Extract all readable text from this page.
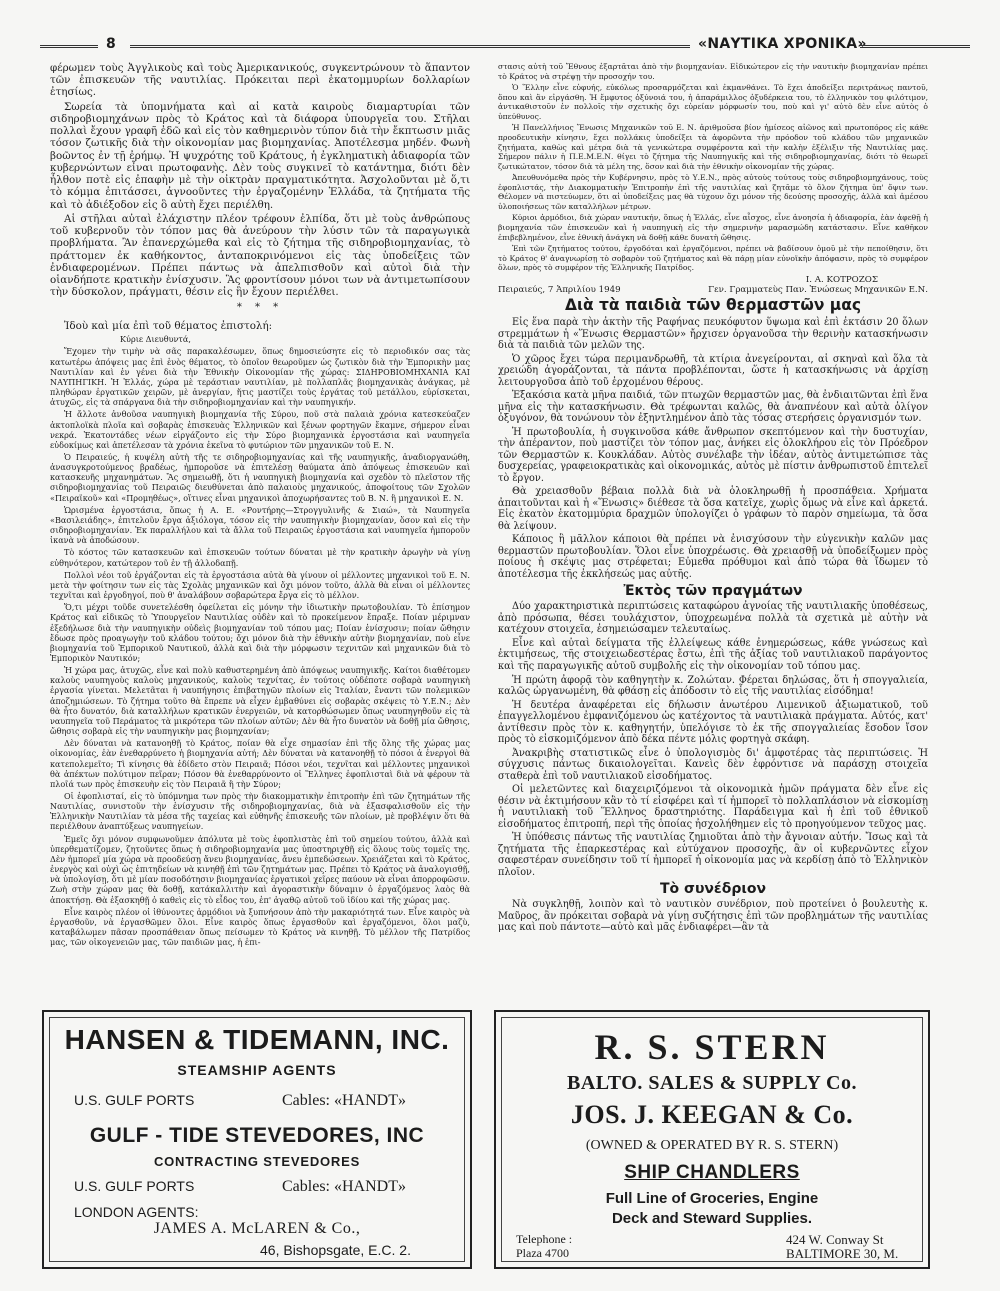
8	«ΝΑΥΤΙΚΑ ΧΡΟΝΙΚΑ»

φέρωμεν τοὺς Ἀγγλικοὺς καὶ τοὺς Ἀμερικανικούς, συγκεντρώνουν τὸ ἅπαντον τῶν ἐπισκευῶν τῆς ναυτιλίας. Πρόκειται περὶ ἑκατομμυρίων δολλαρίων ἐτησίως.

Σωρεία τὰ ὑπομνήματα καὶ αἱ κατὰ καιροὺς διαμαρτυρίαι τῶν σιδηροβιομηχάνων πρὸς τὸ Κράτος καὶ τὰ διάφορα ὑπουργεῖα του. Στῆλαι πολλαὶ ἔχουν γραφῆ ἐδῶ καὶ εἰς τὸν καθημερινὸν τύπον διὰ τὴν ἔκπτωσιν μιᾶς τόσον ζωτικῆς διὰ τὴν οἰκονομίαν μας βιομηχανίας. Ἀποτέλεσμα μηδέν. Φωνὴ βοῶντος ἐν τῇ ἐρήμῳ. Ἡ ψυχρότης τοῦ Κράτους, ἡ ἐγκληματικὴ ἀδιαφορία τῶν κυβερνώντων εἶναι πρωτοφανὴς. Δὲν τοὺς συγκινεῖ τὸ κατάντημα, διότι δὲν ἦλθον ποτὲ εἰς ἐπαφὴν μὲ τὴν οἰκτρὰν πραγματικότητα. Ἀσχολοῦνται μὲ ὅ,τι τὸ κόμμα ἐπιτάσσει, ἀγνοοῦντες τὴν ἐργαζομένην Ἑλλάδα, τὰ ζητήματα τῆς καὶ τὸ ἀδιέξοδον εἰς ὃ αὐτὴ ἔχει περιέλθη.

Αἱ στῆλαι αὐταὶ ἐλάχιστην πλέον τρέφουν ἐλπίδα, ὅτι μὲ τοὺς ἀνθρώπους τοῦ κυβερνοῦν τὸν τόπον μας θὰ ἀνεύρουν τὴν λύσιν τῶν τὰ παραγωγικὰ προβλήματα. Ἂν ἐπανερχώμεθα καὶ εἰς τὸ ζήτημα τῆς σιδηροβιομηχανίας, τὸ πράττομεν ἐκ καθήκοντος, ἀνταποκρινόμενοι εἰς τὰς ὑποδείξεις τῶν ἐνδιαφερομένων. Πρέπει πάντως νὰ ἀπελπισθοῦν καὶ αὐτοὶ διὰ τὴν οἱανδήποτε κρατικὴν ἐνίσχυσιν. Ἂς φροντίσουν μόνοι των νὰ ἀντιμετωπίσουν τὴν δύσκολον, πράγματι, θέσιν εἰς ἣν ἔχουν περιέλθει.

* * *

Ἰδοὺ καὶ μία ἐπὶ τοῦ θέματος ἐπιστολή:

Κύριε Διευθυντά,

Ἔχομεν τὴν τιμὴν νὰ σᾶς παρακαλέσωμεν, ὅπως δημοσιεύσητε εἰς τὸ περιοδικόν σας τὰς κατωτέρω ἀπόψεις μας ἐπὶ ἑνὸς θέματος, τὸ ὁποῖον θεωροῦμεν ὡς ζωτικὸν διὰ τὴν Ἐμπορικὴν μας Ναυτιλίαν καὶ ἐν γένει διὰ τὴν Ἐθνικὴν Οἰκονομίαν τῆς χώρας: ΣΙΔΗΡΟΒΙΟΜΗΧΑΝΙΑ ΚΑΙ ΝΑΥΠΗΓΙΚΗ. Ἡ Ἑλλάς, χώρα μὲ τεράστιαν ναυτιλίαν, μὲ πολλαπλᾶς βιομηχανικὰς ἀνάγκας, μὲ πληθώραν ἐργατικῶν χειρῶν, μὲ ἀνεργίαν, ἥτις μαστίζει τοὺς ἐργάτας τοῦ μετάλλου, εὑρίσκεται, ἀτυχῶς, εἰς τὰ σπάργανα διὰ τὴν σιδηροβιομηχανίαν καὶ τὴν ναυπηγικήν.

Ἡ ἄλλοτε ἀνθοῦσα ναυπηγικὴ βιομηχανία τῆς Σύρου, ποῦ στὰ παλαιὰ χρόνια κατεσκεύαζεν ἀκτοπλοϊκὰ πλοῖα καὶ σοβαρὰς ἐπισκευὰς Ἑλληνικῶν καὶ ξένων φορτηγῶν ἔκαμνε, σήμερον εἶναι νεκρά. Ἑκατοντάδες νέων εἰργάζοντο εἰς τὴν Σύρο βιομηχανικὰ ἐργοστάσια καὶ ναυπηγεῖα εὐδοκίμως καὶ ἀπετέλεσαν τὰ χρόνια ἐκεῖνα τὸ φυτώριον τῶν μηχανικῶν τοῦ Ε. Ν.

Ὁ Πειραιεύς, ἡ κυψέλη αὐτὴ τῆς τε σιδηροβιομηχανίας καὶ τῆς ναυπηγικῆς, ἀναδιοργανώθη, ἀνασυγκροτούμενος βραδέως, ἠμποροῦσε νὰ ἐπιτελέσῃ θαύματα ἀπὸ ἀπόψεως ἐπισκευῶν καὶ κατασκευῆς μηχανημάτων. Ἂς σημειωθῇ, ὅτι ἡ ναυπηγικὴ βιομηχανία καὶ σχεδὸν τὸ πλεῖστον τῆς σιδηροβιομηχανίας τοῦ Πειραιῶς διευθύνεται ἀπὸ παλαιοὺς μηχανικούς, ἀποφοίτους τῶν Σχολῶν «Πειραϊκοῦ» καὶ «Προμηθέως», οἵτινες εἶναι μηχανικοὶ ἀποχωρήσαντες τοῦ Β. Ν. ἢ μηχανικοὶ Ε. Ν.

Ὡρισμένα ἐργοστάσια, ὅπως ἡ Α. Ε. «Ροντήρης—Στρογγυλινῆς & Σιαώ», τὰ Ναυπηγεῖα «Βασιλειάδης», ἐπιτελοῦν ἔργα ἀξιόλογα, τόσον εἰς τὴν ναυπηγικὴν βιομηχανίαν, ὅσον καὶ εἰς τὴν σιδηροβιομηχανίαν. Ἐκ παραλλήλου καὶ τὰ ἄλλα τοῦ Πειραιῶς ἐργοστάσια καὶ ναυπηγεῖα ἠμποροῦν ἱκανὰ νὰ ἀποδώσουν.

Τὸ κόστος τῶν κατασκευῶν καὶ ἐπισκευῶν τούτων δύναται μὲ τὴν κρατικὴν ἀρωγὴν νὰ γίνῃ εὐθηνότερον, κατώτερον τοῦ ἐν τῇ ἀλλοδαπῇ.

Πολλοὶ νέοι τοῦ ἐργάζονται εἰς τὰ ἐργοστάσια αὐτὰ θὰ γίνουν οἱ μέλλοντες μηχανικοὶ τοῦ Ε. Ν. μετὰ τὴν φοίτησιν των εἰς τὰς Σχολὰς μηχανικῶν καὶ ὄχι μόνον τοῦτο, ἀλλὰ θὰ εἶναι οἱ μέλλοντες τεχνῖται καὶ ἐργοδηγοί, ποὺ θ' ἀναλάβουν σοβαρώτερα ἔργα εἰς τὸ μέλλον.

Ὅ,τι μέχρι τοῦδε συνετελέσθη ὀφείλεται εἰς μόνην τὴν ἰδιωτικὴν πρωτοβουλίαν. Τὸ ἐπίσημον Κράτος καὶ εἰδικῶς τὸ Ὑπουργεῖον Ναυτιλίας οὐδὲν καὶ τὸ προκείμενον ἔπραξε. Ποίαν μέριμναν ἐξεδήλωσε διὰ τὴν ναυπηγικὴν οὐδεὶς βιομηχανίαν τοῦ τόπου μας; Ποίαν ἐνίσχυσιν; ποίαν ὤθησιν ἔδωσε πρὸς προαγωγὴν τοῦ κλάδου τούτου; ὄχι μόνον διὰ τὴν ἐθνικὴν αὐτὴν βιομηχανίαν, ποὺ εἶνε βιομηχανία τοῦ Ἐμπορικοῦ Ναυτικοῦ, ἀλλὰ καὶ διὰ τὴν μόρφωσιν τεχνιτῶν καὶ μηχανικῶν διὰ τὸ Ἐμπορικὸν Ναυτικόν;

Ἡ χώρα μας, ἀτυχῶς, εἶνε καὶ πολὺ καθυστερημένη ἀπὸ ἀπόψεως ναυπηγικῆς. Καίτοι διαθέτομεν καλοὺς ναυπηγοὺς καλοὺς μηχανικούς, καλοὺς τεχνίτας, ἐν τούτοις οὐδέποτε σοβαρὰ ναυπηγικὴ ἐργασία γίνεται. Μελετᾶται ἡ ναυπήγησις ἐπιβατηγῶν πλοίων εἰς Ἰταλίαν, ἔναντι τῶν πολεμικῶν ἀποζημιώσεων. Τὸ ζήτημα τοῦτο θὰ ἔπρεπε νὰ εἶχεν ἐμβαθύνει εἰς σοβαρὰς σκέψεις τὸ Υ.Ε.Ν.; Δὲν θὰ ἦτο δυνατόν, διὰ καταλλήλων κρατικῶν ἐνεργειῶν, νὰ κατορθώσωμεν ὅπως ναυπηγηθοῦν εἰς τὰ ναυπηγεῖα τοῦ Περάματος τὰ μικρότερα τῶν πλοίων αὐτῶν; Δὲν θὰ ἦτο δυνατὸν νὰ δοθῇ μία ὤθησις, ὤθησις σοβαρὰ εἰς τὴν ναυπηγικὴν μας βιομηχανίαν;

Δὲν δύναται νὰ κατανοηθῇ τὸ Κράτος, ποίαν θὰ εἶχε σημασίαν ἐπὶ τῆς ὅλης τῆς χώρας μας οἰκονομίας, ἐὰν ἐνεθαρρύνετο ἡ βιομηχανία αὐτή; Δὲν δύναται νὰ κατανοηθῇ τὸ πόσοι ἀ ἐνεργοὶ θὰ κατεπολεμεῖτο; Τὶ κίνησις θὰ ἐδίδετο στὸν Πειραιᾶ; Πόσοι νέοι, τεχνῖται καὶ μέλλοντες μηχανικοὶ θὰ ἀπέκτων πολύτιμον πεῖραν; Πόσον θὰ ἐνεθαρρύνοντο οἱ Ἕλληνες ἐφοπλισταὶ διὰ νὰ φέρουν τὰ πλοῖά των πρὸς ἐπισκευὴν εἰς τὸν Πειραιᾶ ἢ τὴν Σύρον;

Οἱ ἐφοπλισταί, εἰς τὸ ὑπόμνημα των πρὸς τὴν διακομματικὴν ἐπιτροπὴν ἐπὶ τῶν ζητημάτων τῆς Ναυτιλίας, συνιστοῦν τὴν ἐνίσχυσιν τῆς σιδηροβιομηχανίας, διὰ νὰ ἐξασφαλισθοῦν εἰς τὴν Ἑλληνικὴν Ναυτιλίαν τὰ μέσα τῆς ταχείας καὶ εὐθηνῆς ἐπισκευῆς τῶν πλοίων, μὲ προβλέψιν ὅτι θὰ περιέλθουν ἀναπτύξεως ναυπηγείων.

Ἐμεῖς ὄχι μόνον συμφωνοῦμεν ἀπόλυτα μὲ τοὺς ἐφοπλιστὰς ἐπὶ τοῦ σημείου τούτου, ἀλλὰ καὶ ὑπερθεματίζομεν, ζητοῦντες ὅπως ἡ σιδηροβιομηχανία μας ὑποστηριχθῇ εἰς ὅλους τοὺς τομεῖς της. Δὲν ἠμπορεῖ μία χώρα νὰ προοδεύσῃ ἄνευ βιομηχανίας, ἄνευ ἐμπεδώσεων. Χρειάζεται καὶ τὸ Κράτος, ἐνεργὸς καὶ οὐχὶ ὡς ἐπιτηδείων νὰ κινηθῇ ἐπὶ τῶν ζητημάτων μας. Πρέπει τὸ Κράτος νὰ ἀναλογισθῇ, νὰ ὑπολογίσῃ, ὅτι μὲ μίαν ποσοδότησιν βιομηχανίας ἐργατικοὶ χεῖρες παύουν νὰ εἶναι ἀπορροφῶσιν. Ζωὴ στὴν χώραν μας θὰ δοθῇ, κατάκαλλιτὴν καὶ ἀγοραστικὴν δύναμιν ὁ ἐργαζόμενος λαὸς θὰ ἀποκτήσῃ. Θὰ ἐξασκηθῇ ὁ καθεὶς εἰς τὸ εἶδος του, ἐπ' ἀγαθῷ αὐτοῦ τοῦ ἰδίου καὶ τῆς χώρας μας.

Εἶνε καιρὸς πλέον οἱ ἰθύνοντες ἁρμόδιοι νὰ ξυπνήσουν ἀπὸ τὴν μακαριότητά των. Εἶνε καιρὸς νὰ ἐργασθοῦν, νὰ ἐργασθῶμεν ὅλοι. Εἶνε καιρὸς ὅπως ἐργασθοῦν καὶ ἐργαζόμενοι, ὅλοι μαζὺ, καταβάλωμεν πᾶσαν προσπάθειαν ὅπως πείσωμεν τὸ Κράτος νὰ κινηθῇ. Τὸ μέλλον τῆς Πατρίδος μας, τῶν οἰκογενειῶν μας, τῶν παιδιῶν μας, ἡ ἐπι-

στασις αὐτὴ τοῦ Ἔθνους ἐξαρτᾶται ἀπὸ τὴν βιομηχανίαν. Εἰδικώτερον εἰς τὴν ναυτικὴν βιομηχανίαν πρέπει τὸ Κράτος νὰ στρέψῃ τὴν προσοχήν του.

Ὁ Ἕλλην εἶνε εὐφυής, εὐκόλως προσαρμόζεται καὶ ἐκμανθάνει. Τὸ ἔχει ἀποδείξει περιτράνως παντοῦ, ὅπου καὶ ἂν εἰργάσθη. Ἡ ἔμφυτος ὀξύνοιά του, ἡ ἀπαράμιλλος ὀξυδέρκεια του, τὸ ἑλληνικὸν του φιλότιμον, ἀντικαθιστοῦν ἐν πολλοῖς τὴν σχετικὴς ὄχι εὐρείαν μόρφωσίν του, ποὺ καὶ γι' αὐτὸ δὲν εἶνε αὐτὸς ὁ ὑπεύθυνος.

Ἡ Πανελλήνιος Ἕνωσις Μηχανικῶν τοῦ Ε. Ν. ἀριθμοῦσα βίον ἡμίσεος αἰῶνος καὶ πρωτοπόρος εἰς κάθε προοδευτικὴν κίνησιν, ἔχει πολλάκις ὑποδείξει τὰ ἀφορῶντα τὴν πρόοδον τοῦ κλάδου τῶν μηχανικῶν ζητήματα, καθὼς καὶ μέτρα διὰ τὰ γενικώτερα συμφέροντα καὶ τὴν καλὴν ἐξέλιξιν τῆς Ναυτιλίας μας. Σήμερον πάλιν ἡ Π.Ε.Μ.Ε.Ν. θίγει τὸ ζήτημα τῆς Ναυπηγικῆς καὶ τῆς σιδηροβιομηχανίας, διότι τὸ θεωρεῖ ζωτικώτατον, τόσον διὰ τὰ μέλη της, ὅσον καὶ διὰ τὴν ἐθνικὴν οἰκονομίαν τῆς χώρας.

Ἀπευθυνόμεθα πρὸς τὴν Κυβέρνησιν, πρὸς τὸ Υ.Ε.Ν., πρὸς αὐτοὺς τούτους τοὺς σιδηροβιομηχάνους, τοὺς ἐφοπλιστάς, τὴν Διακομματικὴν Ἐπιτροπὴν ἐπὶ τῆς ναυτιλίας καὶ ζητᾶμε τὸ ὅλον ζήτημα ὑπ' ὄψιν των. Θέλομεν νὰ πιστεύωμεν, ὅτι αἱ ὑποδείξεις μας θὰ τύχουν ὄχι μόνον τῆς δεούσης προσοχῆς, ἀλλὰ καὶ ἀμέσου ὑλοποιήσεως τῶν καταλλήλων μέτρων.

Κύριοι ἁρμόδιοι, διὰ χώραν ναυτικήν, ὅπως ἡ Ἑλλάς, εἶνε αἶσχος, εἶνε ἀνοησία ἡ ἀδιαφορία, ἐὰν ἀφεθῇ ἡ βιομηχανία τῶν ἐπισκευῶν καὶ ἡ ναυπηγικὴ εἰς τὴν σημερινὴν μαρασμώδη κατάστασιν. Εἶνε καθῆκον ἐπιβεβλημένον, εἶνε ἐθνικὴ ἀνάγκη νὰ δοθῇ κάθε δυνατὴ ὤθησις.

Ἐπὶ τῶν ζητήματος τούτου, ἐργοδόται καὶ ἐργαζόμενοι, πρέπει νὰ βαδίσουν ὁμοῦ μὲ τὴν πεποίθησιν, ὅτι τὸ Κράτος θ' ἀναγνωρίσῃ τὸ σοβαρὸν τοῦ ζητήματος καὶ θὰ πάρῃ μίαν εὐνοϊκὴν ἀπόφασιν, πρὸς τὸ συμφέρον ὅλων, πρὸς τὸ συμφέρον τῆς Ἑλληνικῆς Πατρίδος.

Ι. Α. ΚΟΤΡΟΖΟΣ
Πειραιεύς, 7 Ἀπριλίου 1949	Γεν. Γραμματεὺς Παν. Ἑνώσεως Μηχανικῶν Ε.Ν.
Διὰ τὰ παιδιὰ τῶν θερμαστῶν μας

Εἰς ἕνα παρὰ τὴν ἀκτὴν τῆς Ραφήνας πευκόφυτον ὕψωμα καὶ ἐπὶ ἐκτάσιν 20 ὅλων στρεμμάτων ἡ «Ἕνωσις Θερμαστῶν» ἤρχισεν ὀργανοῦσα τὴν θερινὴν κατασκήνωσιν διὰ τὰ παιδιὰ τῶν μελῶν της.

Ὁ χῶρος ἔχει τώρα περιμανδρωθῆ, τὰ κτίρια ἀνεγείρονται, αἱ σκηναὶ καὶ ὅλα τὰ χρειώδη ἀγοράζονται, τὰ πάντα προβλέπονται, ὥστε ἡ κατασκήνωσις νὰ ἀρχίσῃ λειτουργοῦσα ἀπὸ τοῦ ἐρχομένου θέρους.

Ἑξακόσια κατὰ μῆνα παιδιά, τῶν πτωχῶν θερμαστῶν μας, θὰ ἐνδιαιτῶνται ἐπὶ ἕνα μῆνα εἰς τὴν κατασκήνωσιν. Θὰ τρέφωνται καλῶς, θὰ ἀναπνέουν καὶ αὐτὰ ὀλίγον ὀξυγόνον, θὰ τονώνουν τὸν ἐξηντλημένον ἀπὸ τὰς τόσας στερήσεις ὀργανισμόν των.

Ἡ πρωτοβουλία, ἡ συγκινοῦσα κάθε ἄνθρωπον σκεπτόμενον καὶ τὴν δυστυχίαν, τὴν ἀπέραντον, ποὺ μαστίζει τὸν τόπον μας, ἀνήκει εἰς ὁλοκλήρου εἰς τὸν Πρόεδρον τῶν Θερμαστῶν κ. Κουκλάδαν. Αὐτὸς συνέλαβε τὴν ἰδέαν, αὐτὸς ἀντιμετώπισε τὰς δυσχερείας, γραφειοκρατικὰς καὶ οἰκονομικάς, αὐτὸς μὲ πίστιν ἀνθρωπιστοῦ ἐπιτελεῖ τὸ ἔργον.

Θὰ χρειασθοῦν βέβαια πολλὰ διὰ νὰ ὁλοκληρωθῇ ἡ προσπάθεια. Χρήματα ἀπαιτοῦνται καὶ ἡ «Ἕνωσις» διέθεσε τὰ ὅσα κατεῖχε, χωρὶς ὅμως νὰ εἶνε καὶ ἀρκετά. Εἰς ἑκατὸν ἑκατομμύρια δραχμῶν ὑπολογίζει ὁ γράφων τὸ παρὸν σημείωμα, τὰ ὅσα θὰ λείψουν.

Κάποιος ἢ μᾶλλον κάποιοι θὰ πρέπει νὰ ἐνισχύσουν τὴν εὐγενικὴν καλῶν μας θερμαστῶν πρωτοβουλίαν. Ὅλοι εἶνε ὑποχρέωσις. Θὰ χρειασθῇ νὰ ὑποδείξωμεν πρὸς ποίους ἡ σκέψις μας στρέφεται; Εὐμεθα πρόθυμοι καὶ ἀπὸ τώρα θὰ ἴδωμεν τὸ ἀποτέλεσμα τῆς ἐκκλήσεώς μας αὐτῆς.

Ἐκτὸς τῶν πραγμάτων

Δύο χαρακτηριστικὰ περιπτώσεις καταφώρου ἀγνοίας τῆς ναυτιλιακῆς ὑποθέσεως, ἀπὸ πρόσωπα, θέσει τουλάχιστον, ὑποχρεωμένα πολλὰ τὰ σχετικὰ μὲ αὐτὴν νὰ κατέχουν στοιχεῖα, ἐσημειώσαμεν τελευταίως.

Εἶνε καὶ αὐταὶ δείγματα τῆς ἐλλείψεως κάθε ἐνημερώσεως, κάθε γνώσεως καὶ ἐκτιμήσεως, τῆς στοιχειωδεστέρας ἔστω, ἐπὶ τῆς ἀξίας τοῦ ναυτιλιακοῦ παράγοντος καὶ τῆς παραγωγικῆς αὐτοῦ συμβολῆς εἰς τὴν οἰκονομίαν τοῦ τόπου μας.

Ἡ πρώτη ἀφορᾷ τὸν καθηγητὴν κ. Ζολώταν. Φέρεται δηλώσας, ὅτι ἡ σπογγαλιεία, καλῶς ὠργανωμένη, θὰ φθάσῃ εἰς ἀπόδοσιν τὸ εἷς τῆς ναυτιλίας εἰσόδημα!

Ἡ δευτέρα ἀναφέρεται εἰς δήλωσιν ἀνωτέρου Λιμενικοῦ ἀξιωματικοῦ, τοῦ ἐπαγγελλομένου ἐμφανιζόμενου ὡς κατέχοντος τὰ ναυτιλιακὰ πράγματα. Αὐτός, κατ' ἀντίθεσιν πρὸς τὸν κ. καθηγητήν, ὑπελόγισε τὸ ἐκ τῆς σπογγαλιείας ἔσοδον ἴσον πρὸς τὸ εἰσκομιζόμενον ἀπὸ δέκα πέντε μόλις φορτηγὰ σκάφη.

Ἀνακριβὴς στατιστικῶς εἶνε ὁ ὑπολογισμὸς δι' ἀμφοτέρας τὰς περιπτώσεις. Ἡ σύγχυσις πάντως δικαιολογεῖται. Κανεὶς δὲν ἐφρόντισε νὰ παράσχῃ στοιχεῖα σταθερὰ ἐπὶ τοῦ ναυτιλιακοῦ εἰσοδήματος.

Οἱ μελετῶντες καὶ διαχειριζόμενοι τὰ οἰκονομικὰ ἡμῶν πράγματα δὲν εἶνε εἰς θέσιν νὰ ἐκτιμήσουν κἂν τὸ τί εἰσφέρει καὶ τί ἠμπορεῖ τὸ πολλαπλάσιον νὰ εἰσκομίσῃ ἡ ναυτιλιακὴ τοῦ Ἕλληνος δραστηριότης. Παράδειγμα καὶ ἡ ἐπὶ τοῦ ἐθνικοῦ εἰσοδήματος ἐπιτροπή, περὶ τῆς ὁποίας ἠσχολήθημεν εἰς τὸ προηγούμενον τεῦχος μας.

Ἡ ὑπόθεσις πάντως τῆς ναυτιλίας ζημιοῦται ἀπὸ τὴν ἄγνοιαν αὐτήν. Ἴσως καὶ τὰ ζητήματα τῆς ἐπαρκεστέρας καὶ εὐτύχανον προσοχῆς, ἂν οἱ κυβερνῶντες εἶχον σαφεστέραν συνείδησιν τοῦ τί ἠμπορεῖ ἡ οἰκονομία μας νὰ κερδίσῃ ἀπὸ τὸ Ἑλληνικὸν πλοῖον.

Τὸ συνέδριον

Νὰ συγκληθῇ, λοιπὸν καὶ τὸ ναυτικὸν συνέδριον, ποὺ προτείνει ὁ βουλευτὴς κ. Μαῦρος, ἂν πρόκειται σοβαρὰ νὰ γίνῃ συζήτησις ἐπὶ τῶν προβλημάτων τῆς ναυτιλίας μας καὶ ποὺ πάντοτε—αὐτὸ καὶ μᾶς ἐνδιαφέρει—ἂν τὰ

HANSEN & TIDEMANN, INC.
STEAMSHIP AGENTS
U.S. GULF PORTS	Cables: «HANDT»
GULF - TIDE STEVEDORES, INC
CONTRACTING STEVEDORES
U.S. GULF PORTS	Cables: «HANDT»
LONDON AGENTS:
JAMES A. McLAREN & Co.,
46, Bishopsgate, E.C. 2.
R. S. STERN
BALTO. SALES & SUPPLY Co.
JOS. J. KEEGAN & Co.
(OWNED & OPERATED BY R. S. STERN)
SHIP CHANDLERS
Full Line of Groceries, Engine
Deck and Steward Supplies.
Telephone :
Plaza 4700
424 W. Conway St
BALTIMORE 30, M.
